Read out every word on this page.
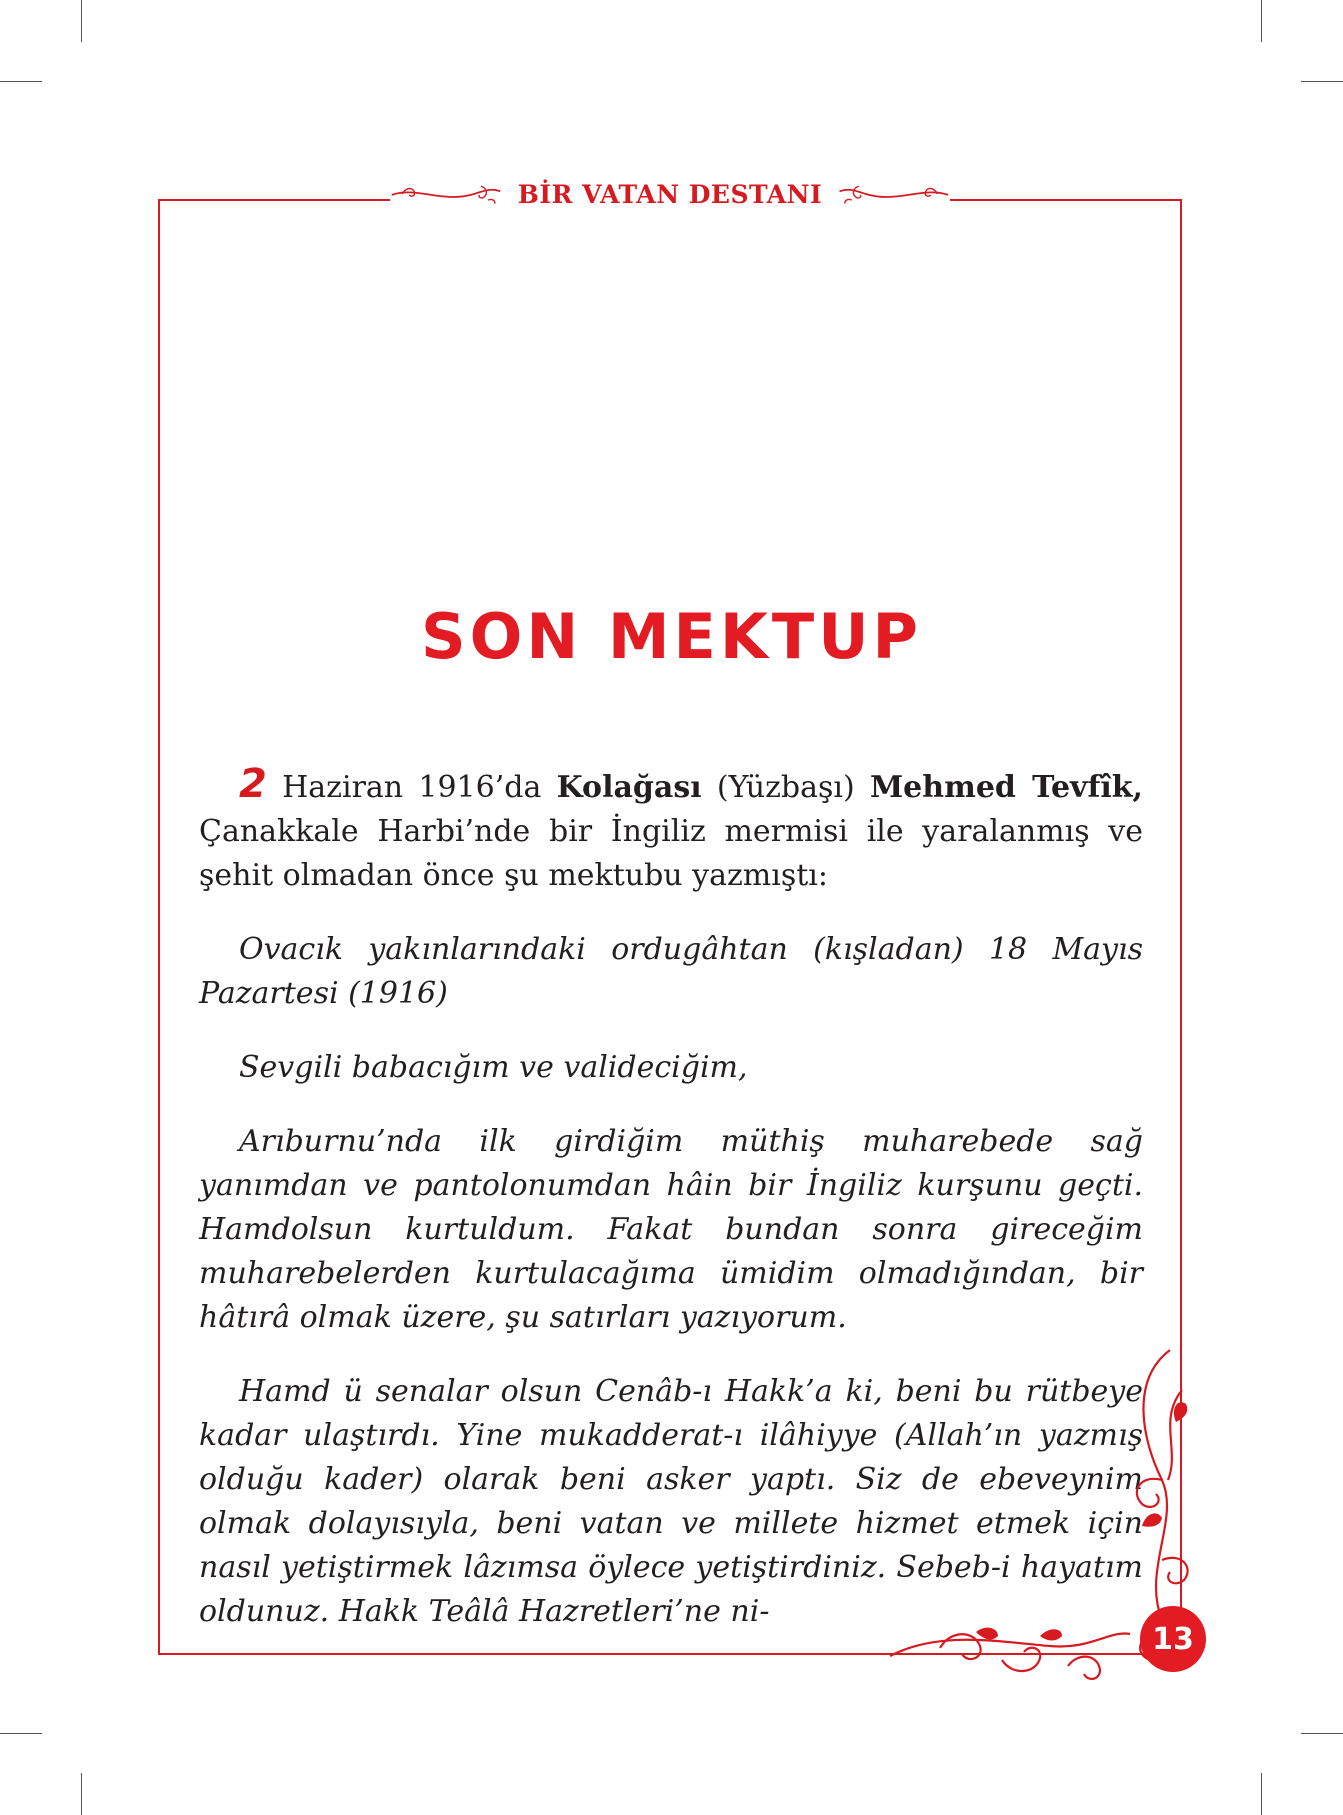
BİR VATAN DESTANI
SON MEKTUP

2 Haziran 1916’da Kolağası (Yüzbaşı) Mehmed Tevfîk, Çanakkale Harbi’nde bir İngiliz mermisi ile yaralanmış ve şehit olmadan önce şu mektubu yazmıştı:

Ovacık yakınlarındaki ordugâhtan (kışladan) 18 Mayıs Pazartesi (1916)

Sevgili babacığım ve valideciğim,

Arıburnu’nda ilk girdiğim müthiş muharebede sağ yanımdan ve pantolonumdan hâin bir İngiliz kurşunu geçti. Hamdolsun kurtuldum. Fakat bundan sonra gireceğim muharebelerden kurtulacağıma ümidim olmadığından, bir hâtırâ olmak üzere, şu satırları yazıyorum.

Hamd ü senalar olsun Cenâb-ı Hakk’a ki, beni bu rütbeye kadar ulaştırdı. Yine mukadderat-ı ilâhiyye (Allah’ın yazmış olduğu kader) olarak beni asker yaptı. Siz de ebeveynim olmak dolayısıyla, beni vatan ve millete hizmet etmek için nasıl yetiştirmek lâzımsa öylece yetiştirdiniz. Sebeb-i hayatım oldunuz. Hakk Teâlâ Hazretleri’ne ni-

13
